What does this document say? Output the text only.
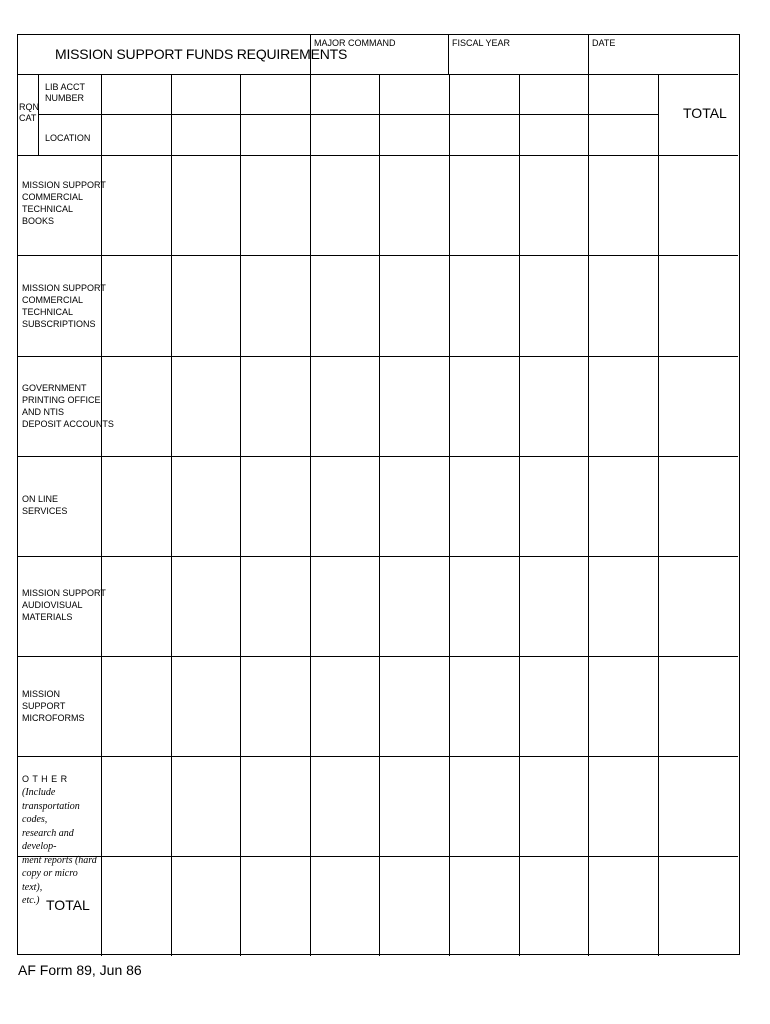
MISSION SUPPORT FUNDS REQUIREMENTS
MAJOR COMMAND	FISCAL YEAR	DATE
RQN
CAT
LIB ACCT
NUMBER
LOCATION
TOTAL
MISSION SUPPORT
COMMERCIAL
TECHNICAL
BOOKS
MISSION SUPPORT
COMMERCIAL
TECHNICAL
SUBSCRIPTIONS
GOVERNMENT
PRINTING OFFICE
AND NTIS
DEPOSIT ACCOUNTS
ON LINE
SERVICES
MISSION SUPPORT
AUDIOVISUAL
MATERIALS
MISSION
SUPPORT
MICROFORMS

O T H E R
(Include
transportation codes,
research and develop-
ment reports (hard
copy or micro text),
etc.) TOTAL
AF Form 89, Jun 86
